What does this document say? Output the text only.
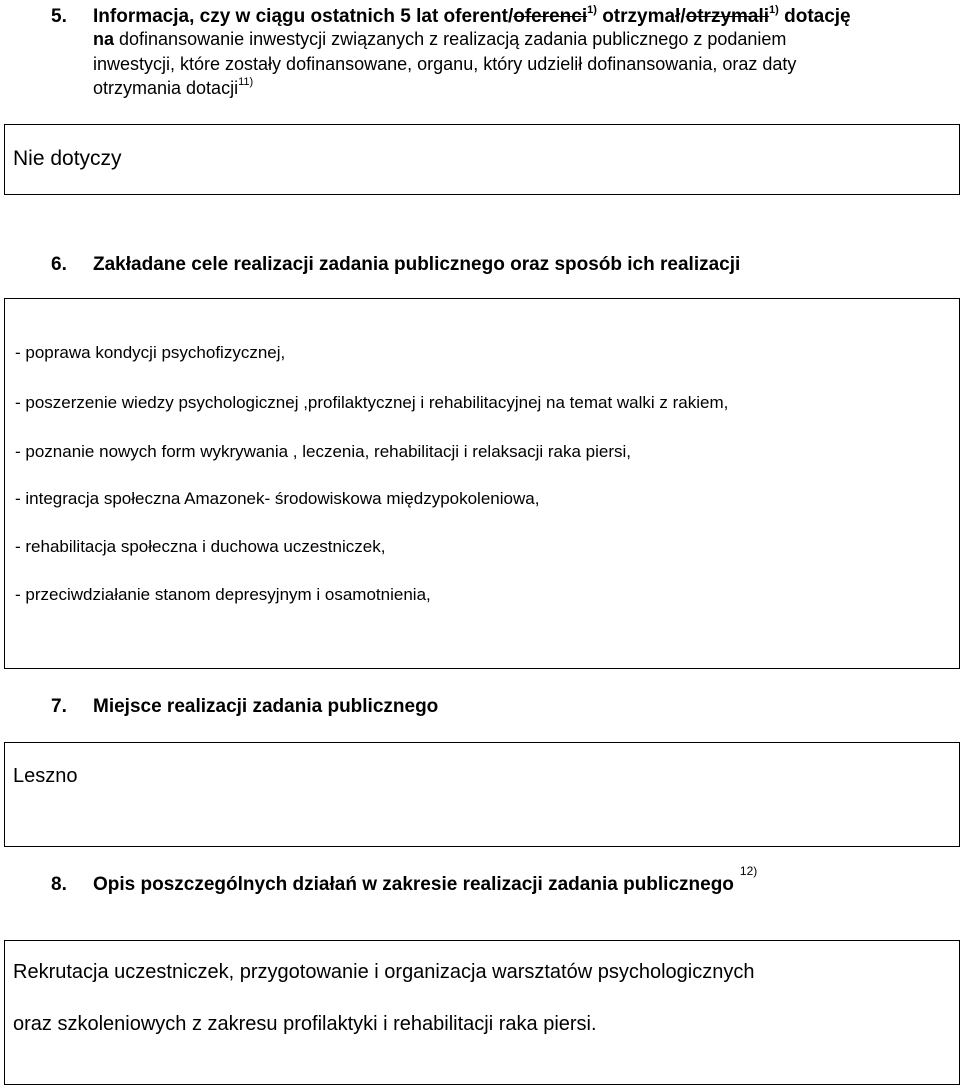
5. Informacja, czy w ciągu ostatnich 5 lat oferent/oferenci$^{1)}$ otrzymał/otrzymali$^{1)}$ dotację
na dofinansowanie inwestycji związanych z realizacją zadania publicznego z podaniem
inwestycji, które zostały dofinansowane, organu, który udzielił dofinansowania, oraz daty
otrzymania dotacji$^{11)}$
Nie dotyczy
6. Zakładane cele realizacji zadania publicznego oraz sposób ich realizacji
- poprawa kondycji psychofizycznej,
- poszerzenie wiedzy psychologicznej ,profilaktycznej i rehabilitacyjnej na temat walki z rakiem,
- poznanie nowych form wykrywania , leczenia, rehabilitacji i relaksacji raka piersi,
- integracja społeczna Amazonek- środowiskowa międzypokoleniowa,
- rehabilitacja społeczna i duchowa uczestniczek,
- przeciwdziałanie stanom depresyjnym i osamotnienia,
7. Miejsce realizacji zadania publicznego
Leszno
8. Opis poszczególnych działań w zakresie realizacji zadania publicznego$^{12)}$
Rekrutacja uczestniczek, przygotowanie i organizacja warsztatów psychologicznych
oraz szkoleniowych z zakresu profilaktyki i rehabilitacji raka piersi.
